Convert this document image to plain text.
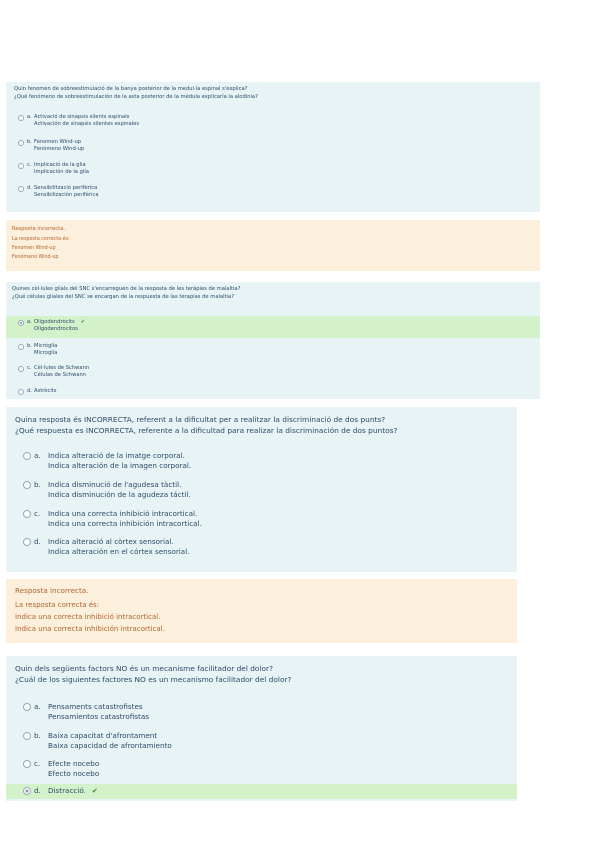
Quin fenomen de sobreestimulació de la banya posterior de la medul·la espinal s'explica?

¿Qué fenómeno de sobreestimulación de la asta posterior de la médula explicaría la alodinia?

a. Activació de sinapsis silents espinals
Activación de sinapsis silentes espinales
b. Fenomen Wind-up
Fenómeno Wind-up
c. Implicació de la glia
Implicación de la glía
d. Sensibilització perifèrica
Sensibilización periférica

Resposta incorrecta.

La resposta correcta és:

Fenomen Wind-up

Fenómeno Wind-up

Quines cèl·lules glials del SNC s'encarreguen de la resposta de les teràpies de malaltia?

¿Qué células gliales del SNC se encargan de la respuesta de las terapias de malaltia?

a. Oligodendròcits ✔
Oligodendrocitos
b. Micròglia
Microglía
c. Cèl·lules de Schwann
Células de Schwann
d. Astròcits

Quina resposta és INCORRECTA, referent a la dificultat per a realitzar la discriminació de dos punts?

¿Qué respuesta es INCORRECTA, referente a la dificultad para realizar la discriminación de dos puntos?

a. Indica alteració de la imatge corporal.
Indica alteración de la imagen corporal.
b. Indica disminució de l'agudesa tàctil.
Indica disminución de la agudeza táctil.
c. Indica una correcta inhibició intracortical.
Indica una correcta inhibición intracortical.
d. Indica alteració al còrtex sensorial.
Indica alteración en el córtex sensorial.

Resposta incorrecta.

La resposta correcta és:

Indica una correcta inhibició intracortical.

Indica una correcta inhibición intracortical.

Quin dels següents factors NO és un mecanisme facilitador del dolor?

¿Cuál de los siguientes factores NO es un mecanismo facilitador del dolor?

a. Pensaments catastrofistes
Pensamientos catastrofistas
b. Baixa capacitat d'afrontament
Baixa capacidad de afrontamiento
c. Efecte nocebo
Efecto nocebo
d. Distracció. ✔
